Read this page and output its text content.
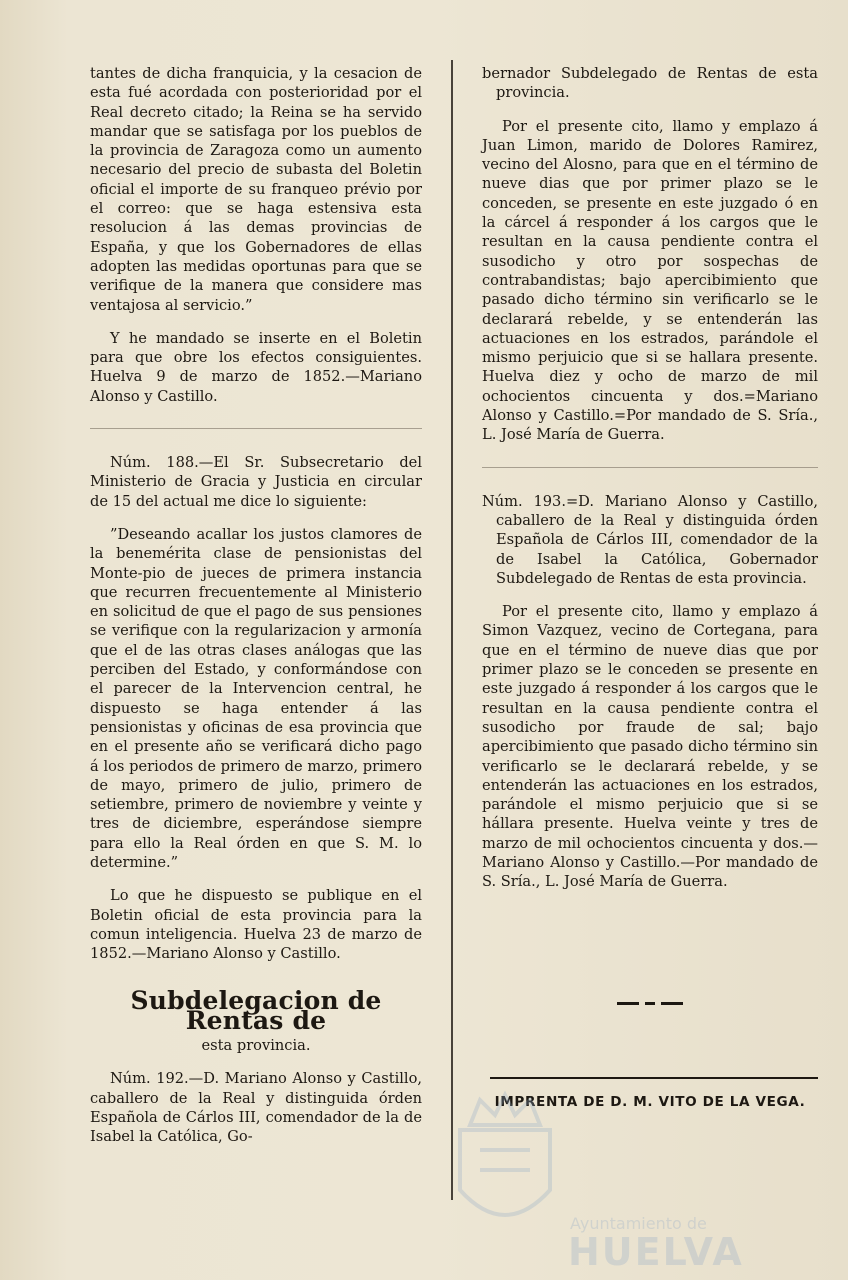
tantes de dicha franquicia, y la cesacion de esta fué acordada con posterioridad por el Real decreto citado; la Reina se ha servido mandar que se satisfaga por los pueblos de la provincia de Zaragoza como un aumento necesario del precio de subasta del Boletin oficial el importe de su franqueo prévio por el correo: que se haga estensiva esta resolucion á las demas provincias de España, y que los Gobernadores de ellas adopten las medidas oportunas para que se verifique de la manera que considere mas ventajosa al servicio.”

Y he mandado se inserte en el Boletin para que obre los efectos consiguientes. Huelva 9 de marzo de 1852.—Mariano Alonso y Castillo.

Núm. 188.—El Sr. Subsecretario del Ministerio de Gracia y Justicia en circular de 15 del actual me dice lo siguiente:

”Deseando acallar los justos clamores de la benemérita clase de pensionistas del Monte-pio de jueces de primera instancia que recurren frecuentemente al Ministerio en solicitud de que el pago de sus pensiones se verifique con la regularizacion y armonía que el de las otras clases análogas que las perciben del Estado, y conformándose con el parecer de la Intervencion central, he dispuesto se haga entender á las pensionistas y oficinas de esa provincia que en el presente año se verificará dicho pago á los periodos de primero de marzo, primero de mayo, primero de julio, primero de setiembre, primero de noviembre y veinte y tres de diciembre, esperándose siempre para ello la Real órden en que S. M. lo determine.”

Lo que he dispuesto se publique en el Boletin oficial de esta provincia para la comun inteligencia. Huelva 23 de marzo de 1852.—Mariano Alonso y Castillo.

Subdelegacion de Rentas de
esta provincia.

Núm. 192.—D. Mariano Alonso y Castillo, caballero de la Real y distinguida órden Española de Cárlos III, comendador de la de Isabel la Católica, Go-

bernador Subdelegado de Rentas de esta provincia.

Por el presente cito, llamo y emplazo á Juan Limon, marido de Dolores Ramirez, vecino del Alosno, para que en el término de nueve dias que por primer plazo se le conceden, se presente en este juzgado ó en la cárcel á responder á los cargos que le resultan en la causa pendiente contra el susodicho y otro por sospechas de contrabandistas; bajo apercibimiento que pasado dicho término sin verificarlo se le declarará rebelde, y se entenderán las actuaciones en los estrados, parándole el mismo perjuicio que si se hallara presente. Huelva diez y ocho de marzo de mil ochocientos cincuenta y dos.=Mariano Alonso y Castillo.=Por mandado de S. Sría., L. José María de Guerra.

Núm. 193.=D. Mariano Alonso y Castillo, caballero de la Real y distinguida órden Española de Cárlos III, comendador de la de Isabel la Católica, Gobernador Subdelegado de Rentas de esta provincia.

Por el presente cito, llamo y emplazo á Simon Vazquez, vecino de Cortegana, para que en el término de nueve dias que por primer plazo se le conceden se presente en este juzgado á responder á los cargos que le resultan en la causa pendiente contra el susodicho por fraude de sal; bajo apercibimiento que pasado dicho término sin verificarlo se le declarará rebelde, y se entenderán las actuaciones en los estrados, parándole el mismo perjuicio que si se hállara presente. Huelva veinte y tres de marzo de mil ochocientos cincuenta y dos.—Mariano Alonso y Castillo.—Por mandado de S. Sría., L. José María de Guerra.

IMPRENTA DE D. M. VITO DE LA VEGA.
Ayuntamiento de
HUELVA
